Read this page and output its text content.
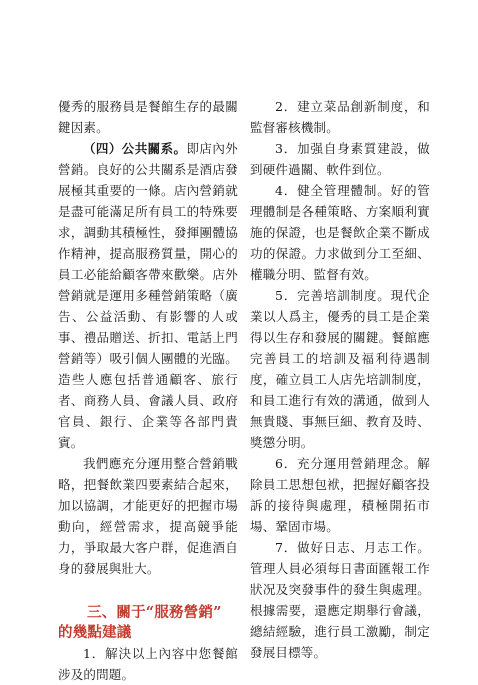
優秀的服務員是餐館生存的最關鍵因素。

（四）公共關系。即店內外營銷。良好的公共關系是酒店發展極其重要的一條。店內營銷就是盡可能滿足所有員工的特殊要求，調動其積極性，發揮團體協作精神，提高服務質量，開心的員工必能給顧客帶來歡樂。店外營銷就是運用多種營銷策略（廣告、公益活動、有影響的人或事、禮品贈送、折扣、電話上門營銷等）吸引個人團體的光臨。造些人應包括普通顧客、旅行者、商務人員、會議人員、政府官員、銀行、企業等各部門貴賓。

我們應充分運用整合營銷戰略，把餐飲業四要素結合起來，加以協調，才能更好的把握市場動向，經營需求，提高競爭能力，爭取最大客户群，促進酒自身的發展與壯大。

三、關于“服務營銷”
的幾點建議

1．解決以上內容中您餐館涉及的問題。

2．建立菜品創新制度，和監督審核機制。

3．加强自身素質建設，做到硬件過關、軟件到位。

4．健全管理體制。好的管理體制是各種策略、方案順利實施的保證，也是餐飲企業不斷成功的保證。力求做到分工至細、權職分明、監督有效。

5．完善培訓制度。現代企業以人爲主，優秀的員工是企業得以生存和發展的關鍵。餐館應完善員工的培訓及福利待遇制度，確立員工人店先培訓制度，和員工進行有效的溝通，做到人無貴賤、事無巨細、教育及時、獎懲分明。

6．充分運用營銷理念。解除員工思想包袱，把握好顧客投訴的接待與處理，積極開拓市場、鞏固市場。

7．做好日志、月志工作。管理人員必須每日書面匯報工作狀况及突發事件的發生與處理。根據需要，還應定期舉行會議，總結經驗，進行員工激勵，制定發展目標等。
